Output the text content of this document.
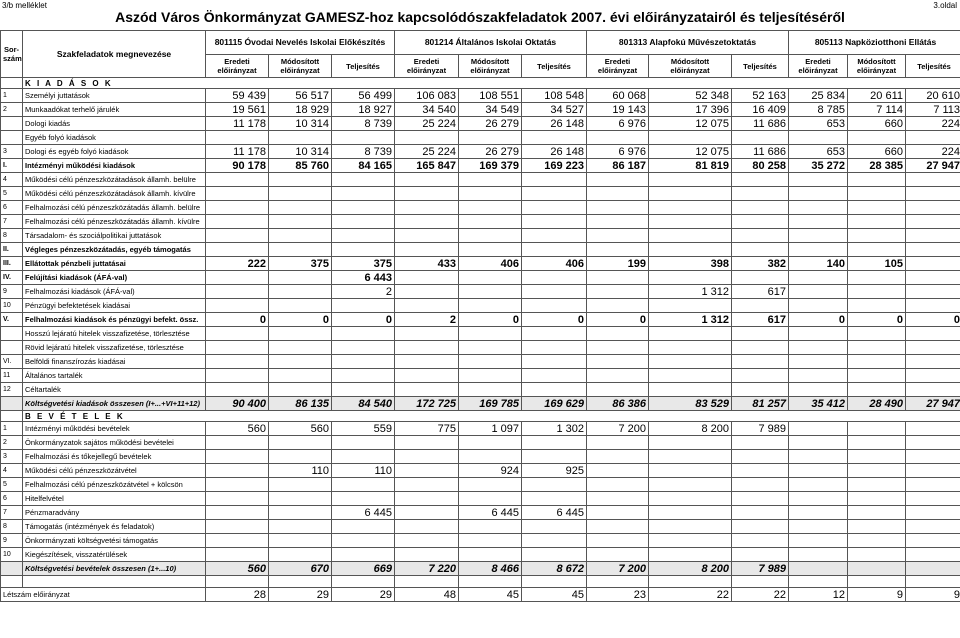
3/b melléklet	3.oldal
Aszód Város Önkormányzat GAMESZ-hoz kapcsolódószakfeladatok 2007. évi előirányzatairól és teljesítéséről
Sor-szám	Szakfeladatok megnevezése	801115 Óvodai Nevelés Iskolai Előkészítés			801214 Általános Iskolai Oktatás			801313 Alapfokú Művészetoktatás			805113 Napköziotthoni Ellátás		
		Eredeti előirányzat	Módosított előirányzat	Teljesítés	Eredeti előirányzat	Módosított előirányzat	Teljesítés	Eredeti előirányzat	Módosított előirányzat	Teljesítés	Eredeti előirányzat	Módosított előirányzat	Teljesítés
	K I A D Á S O K												
1	Személyi juttatások	59 439	56 517	56 499	106 083	108 551	108 548	60 068	52 348	52 163	25 834	20 611	20 610
2	Munkaadókat terhelő járulék	19 561	18 929	18 927	34 540	34 549	34 527	19 143	17 396	16 409	8 785	7 114	7 113
	Dologi kiadás	11 178	10 314	8 739	25 224	26 279	26 148	6 976	12 075	11 686	653	660	224
	Egyéb folyó kiadások												
3	Dologi és egyéb folyó kiadások	11 178	10 314	8 739	25 224	26 279	26 148	6 976	12 075	11 686	653	660	224
I.	Intézményi működési kiadások	90 178	85 760	84 165	165 847	169 379	169 223	86 187	81 819	80 258	35 272	28 385	27 947
4	Működési célú pénzeszközátadások államh. belülre												
5	Működési célú pénzeszközátadások államh. kívülre												
6	Felhalmozási célú pénzeszközátadás államh. belülre												
7	Felhalmozási célú pénzeszközátadás államh. kívülre												
8	Társadalom- és szociálpolitikai juttatások												
II.	Végleges pénzeszközátadás, egyéb támogatás												
III.	Ellátottak pénzbeli juttatásai	222	375	375	433	406	406	199	398	382	140	105	
IV.	Felújítási kiadások (ÁFÁ-val)			6 443									
9	Felhalmozási kiadások (ÁFÁ-val)			2					1 312	617			
10	Pénzügyi befektetések kiadásai												
V.	Felhalmozási kiadások és pénzügyi befekt. össz.	0	0	0	2	0	0	0	1 312	617	0	0	0
	Hosszú lejáratú hitelek visszafizetése, törlesztése												
	Rövid lejáratú hitelek visszafizetése, törlesztése												
VI.	Belföldi finanszírozás kiadásai												
11	Általános tartalék												
12	Céltartalék												
	Költségvetési kiadások összesen (I+...+VI+11+12)	90 400	86 135	84 540	172 725	169 785	169 629	86 386	83 529	81 257	35 412	28 490	27 947
	B E V É T E L E K												
1	Intézményi működési bevételek	560	560	559	775	1 097	1 302	7 200	8 200	7 989			
2	Önkormányzatok sajátos működési bevételei												
3	Felhalmozási és tőkejellegű bevételek												
4	Működési célú pénzeszközátvétel		110	110		924	925						
5	Felhalmozási célú pénzeszközátvétel + kölcsön												
6	Hitelfelvétel												
7	Pénzmaradvány			6 445		6 445	6 445						
8	Támogatás (intézmények és feladatok)												
9	Önkormányzati költségvetési támogatás												
10	Kiegészítések, visszatérülések												
	Költségvetési bevételek összesen (1+...10)	560	670	669	7 220	8 466	8 672	7 200	8 200	7 989			

Létszám előirányzat		28	29	29	48	45	45	23	22	22	12	9	9
